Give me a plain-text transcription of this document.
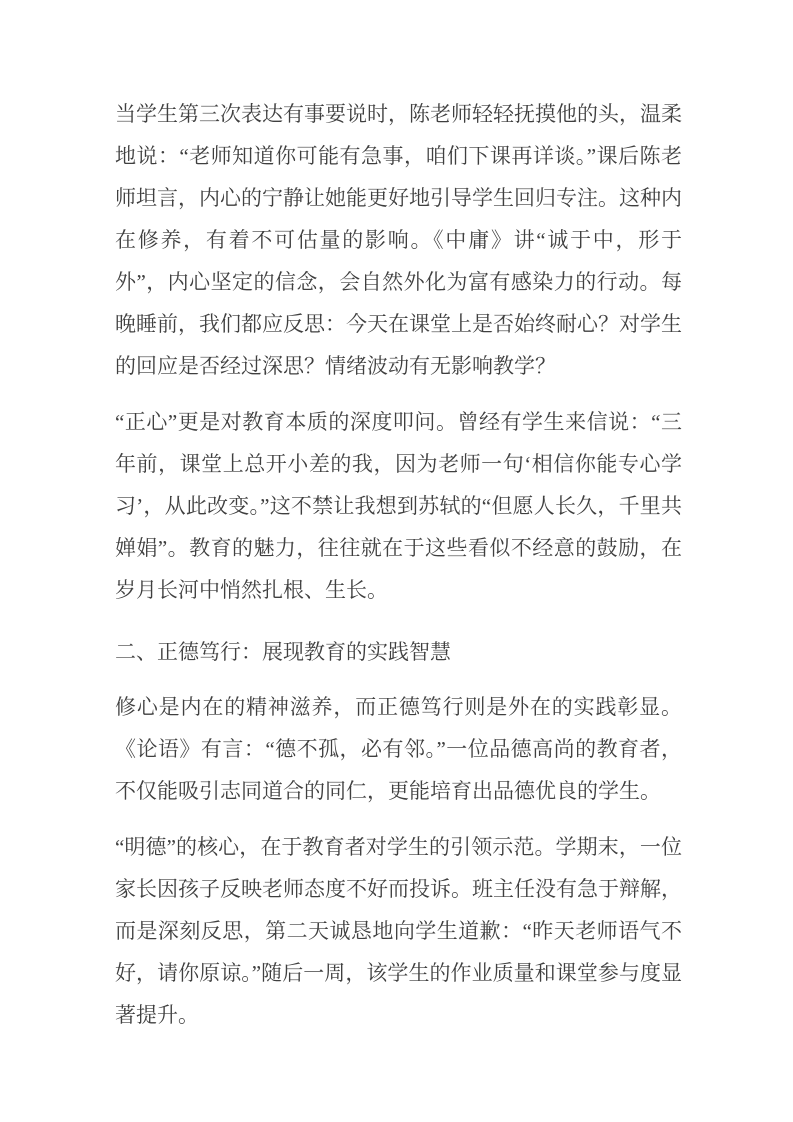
当学生第三次表达有事要说时，陈老师轻轻抚摸他的头，温柔地说：“老师知道你可能有急事，咱们下课再详谈。”课后陈老师坦言，内心的宁静让她能更好地引导学生回归专注。这种内在修养，有着不可估量的影响。《中庸》讲“诚于中，形于外”，内心坚定的信念，会自然外化为富有感染力的行动。每晚睡前，我们都应反思：今天在课堂上是否始终耐心？对学生的回应是否经过深思？情绪波动有无影响教学？

“正心”更是对教育本质的深度叩问。曾经有学生来信说：“三年前，课堂上总开小差的我，因为老师一句‘相信你能专心学习’，从此改变。”这不禁让我想到苏轼的“但愿人长久，千里共婵娟”。教育的魅力，往往就在于这些看似不经意的鼓励，在岁月长河中悄然扎根、生长。

二、正德笃行：展现教育的实践智慧

修心是内在的精神滋养，而正德笃行则是外在的实践彰显。《论语》有言：“德不孤，必有邻。”一位品德高尚的教育者，不仅能吸引志同道合的同仁，更能培育出品德优良的学生。

“明德”的核心，在于教育者对学生的引领示范。学期末，一位家长因孩子反映老师态度不好而投诉。班主任没有急于辩解，而是深刻反思，第二天诚恳地向学生道歉：“昨天老师语气不好，请你原谅。”随后一周，该学生的作业质量和课堂参与度显著提升。
